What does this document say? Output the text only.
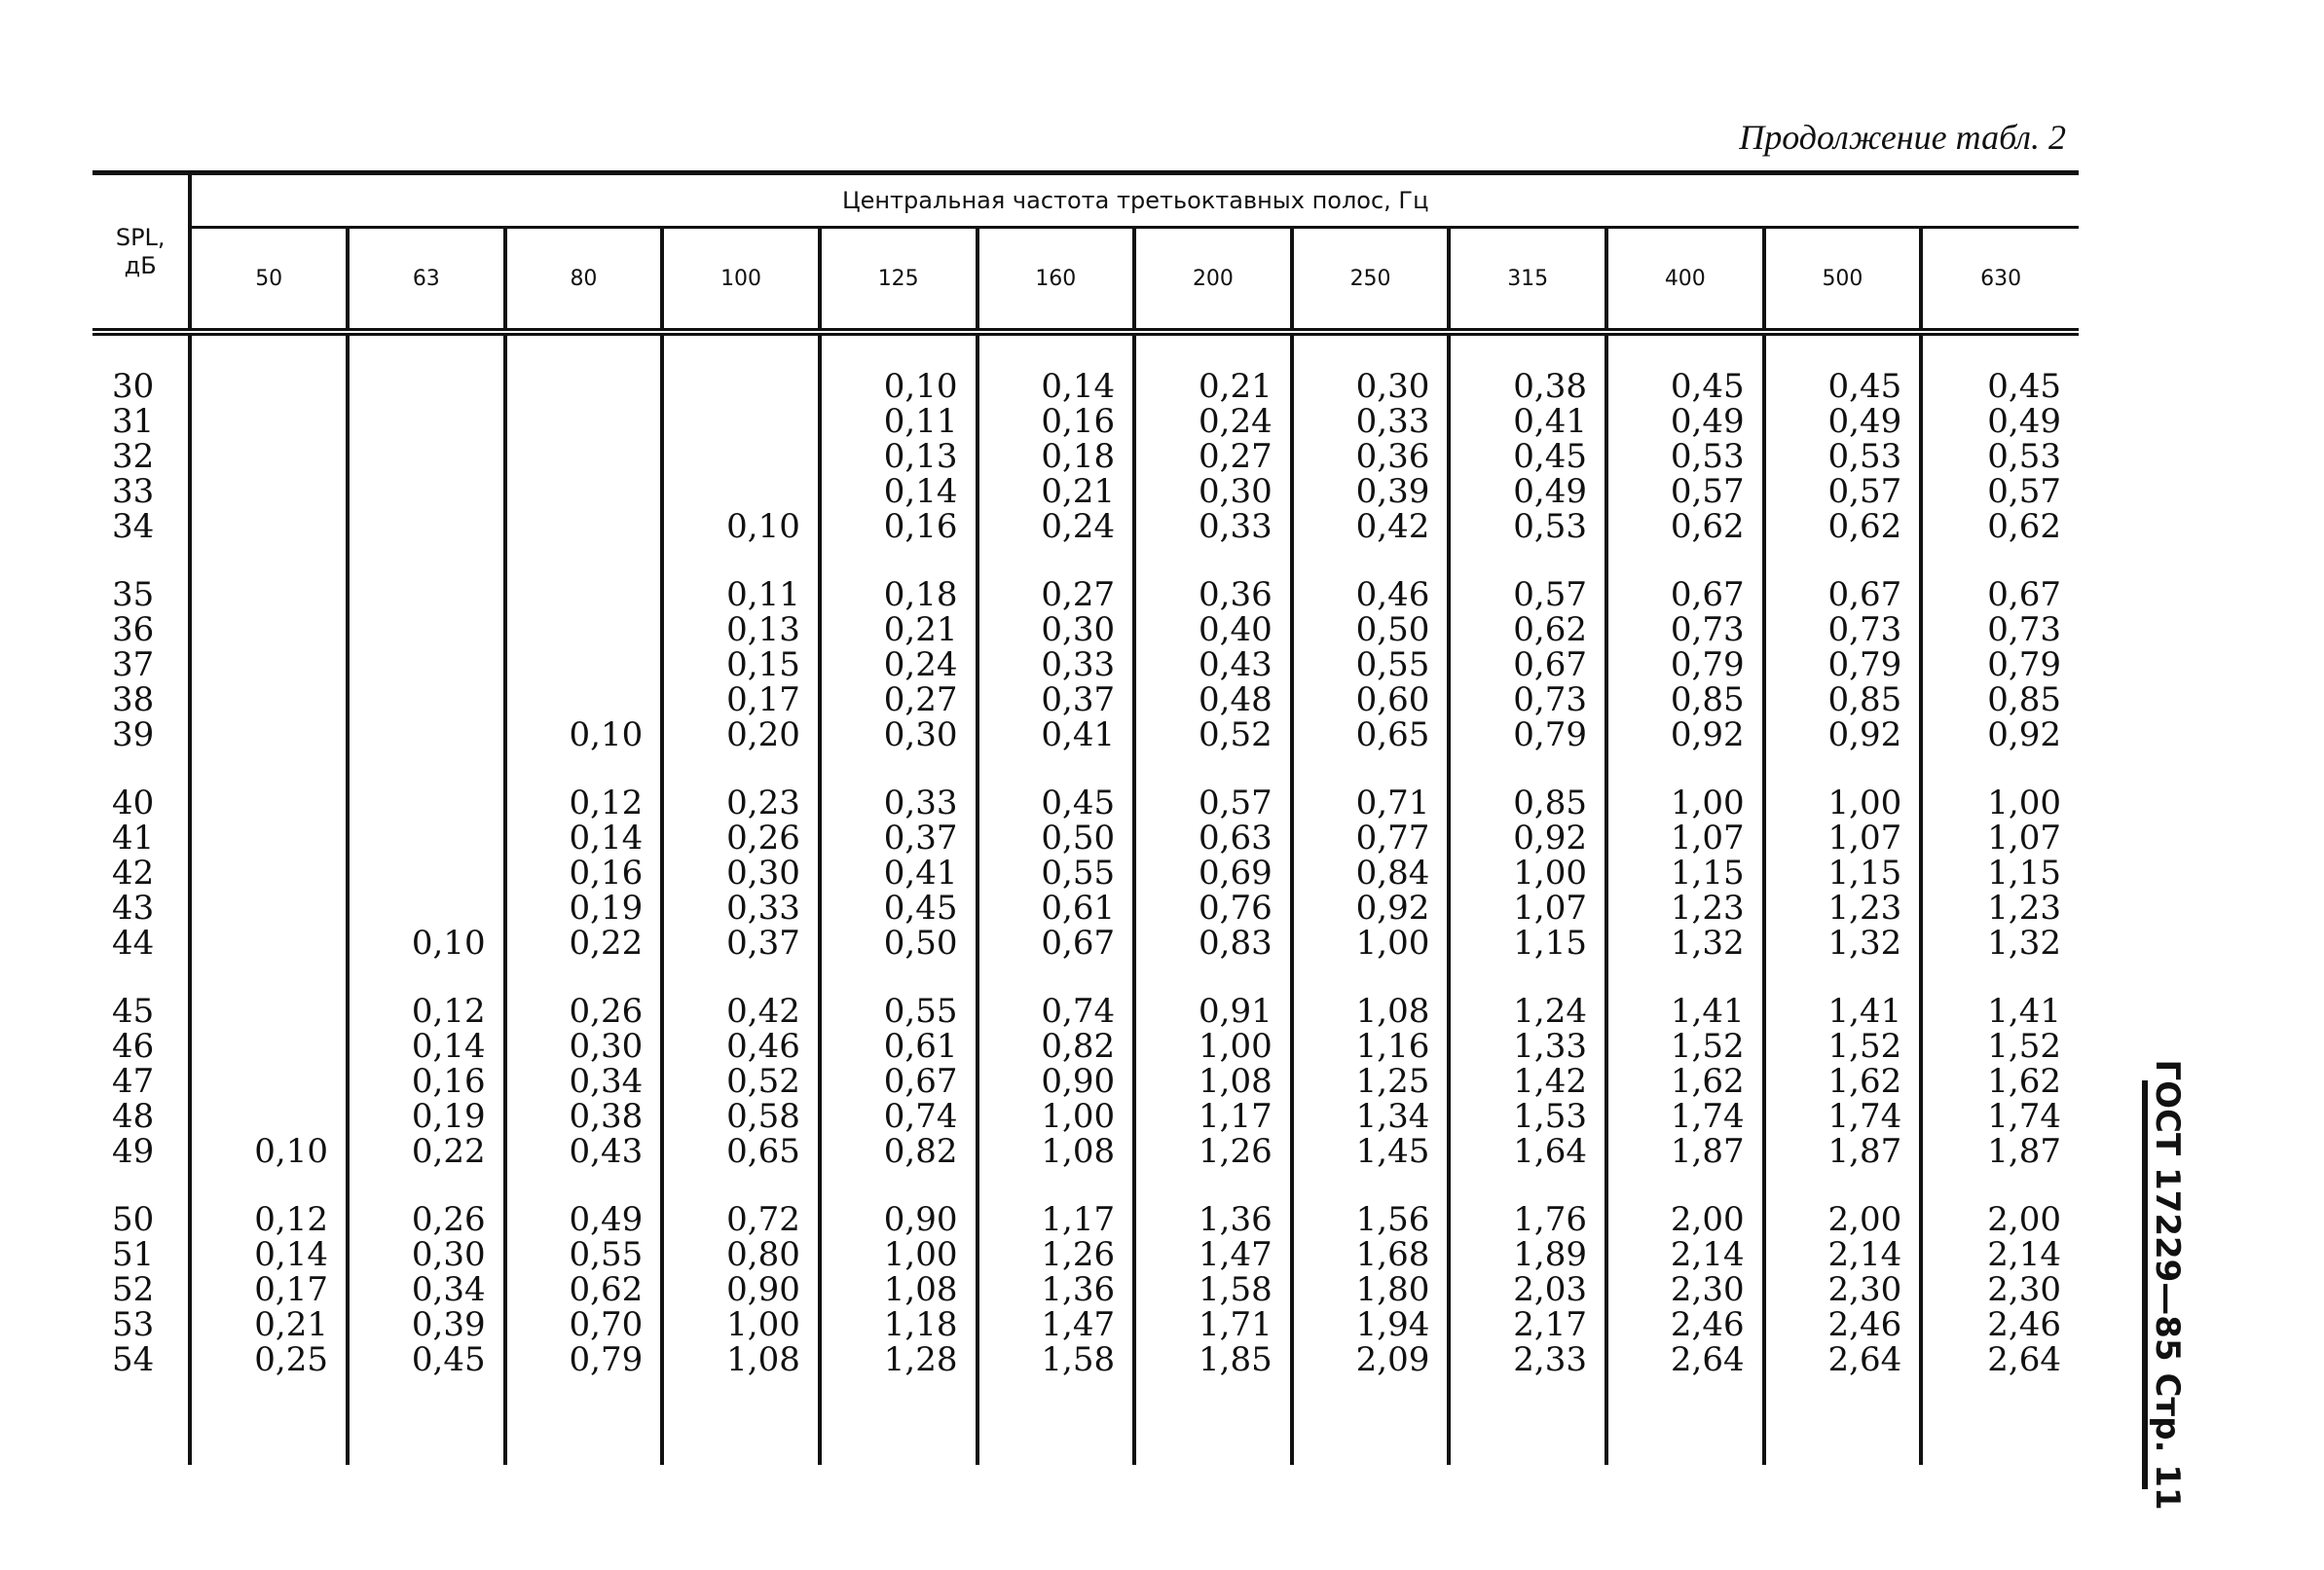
Продолжение табл. 2
ГОСТ 17229—85 Стр. 11
SPL,
дБ	Центральная частота третьоктавных полос, Гц											
	50	63	80	100	125	160	200	250	315	400	500	630
30					0,10	0,14	0,21	0,30	0,38	0,45	0,45	0,45
31					0,11	0,16	0,24	0,33	0,41	0,49	0,49	0,49
32					0,13	0,18	0,27	0,36	0,45	0,53	0,53	0,53
33					0,14	0,21	0,30	0,39	0,49	0,57	0,57	0,57
34				0,10	0,16	0,24	0,33	0,42	0,53	0,62	0,62	0,62

35				0,11	0,18	0,27	0,36	0,46	0,57	0,67	0,67	0,67
36				0,13	0,21	0,30	0,40	0,50	0,62	0,73	0,73	0,73
37				0,15	0,24	0,33	0,43	0,55	0,67	0,79	0,79	0,79
38				0,17	0,27	0,37	0,48	0,60	0,73	0,85	0,85	0,85
39			0,10	0,20	0,30	0,41	0,52	0,65	0,79	0,92	0,92	0,92

40			0,12	0,23	0,33	0,45	0,57	0,71	0,85	1,00	1,00	1,00
41			0,14	0,26	0,37	0,50	0,63	0,77	0,92	1,07	1,07	1,07
42			0,16	0,30	0,41	0,55	0,69	0,84	1,00	1,15	1,15	1,15
43			0,19	0,33	0,45	0,61	0,76	0,92	1,07	1,23	1,23	1,23
44		0,10	0,22	0,37	0,50	0,67	0,83	1,00	1,15	1,32	1,32	1,32

45		0,12	0,26	0,42	0,55	0,74	0,91	1,08	1,24	1,41	1,41	1,41
46		0,14	0,30	0,46	0,61	0,82	1,00	1,16	1,33	1,52	1,52	1,52
47		0,16	0,34	0,52	0,67	0,90	1,08	1,25	1,42	1,62	1,62	1,62
48		0,19	0,38	0,58	0,74	1,00	1,17	1,34	1,53	1,74	1,74	1,74
49	0,10	0,22	0,43	0,65	0,82	1,08	1,26	1,45	1,64	1,87	1,87	1,87

50	0,12	0,26	0,49	0,72	0,90	1,17	1,36	1,56	1,76	2,00	2,00	2,00
51	0,14	0,30	0,55	0,80	1,00	1,26	1,47	1,68	1,89	2,14	2,14	2,14
52	0,17	0,34	0,62	0,90	1,08	1,36	1,58	1,80	2,03	2,30	2,30	2,30
53	0,21	0,39	0,70	1,00	1,18	1,47	1,71	1,94	2,17	2,46	2,46	2,46
54	0,25	0,45	0,79	1,08	1,28	1,58	1,85	2,09	2,33	2,64	2,64	2,64
